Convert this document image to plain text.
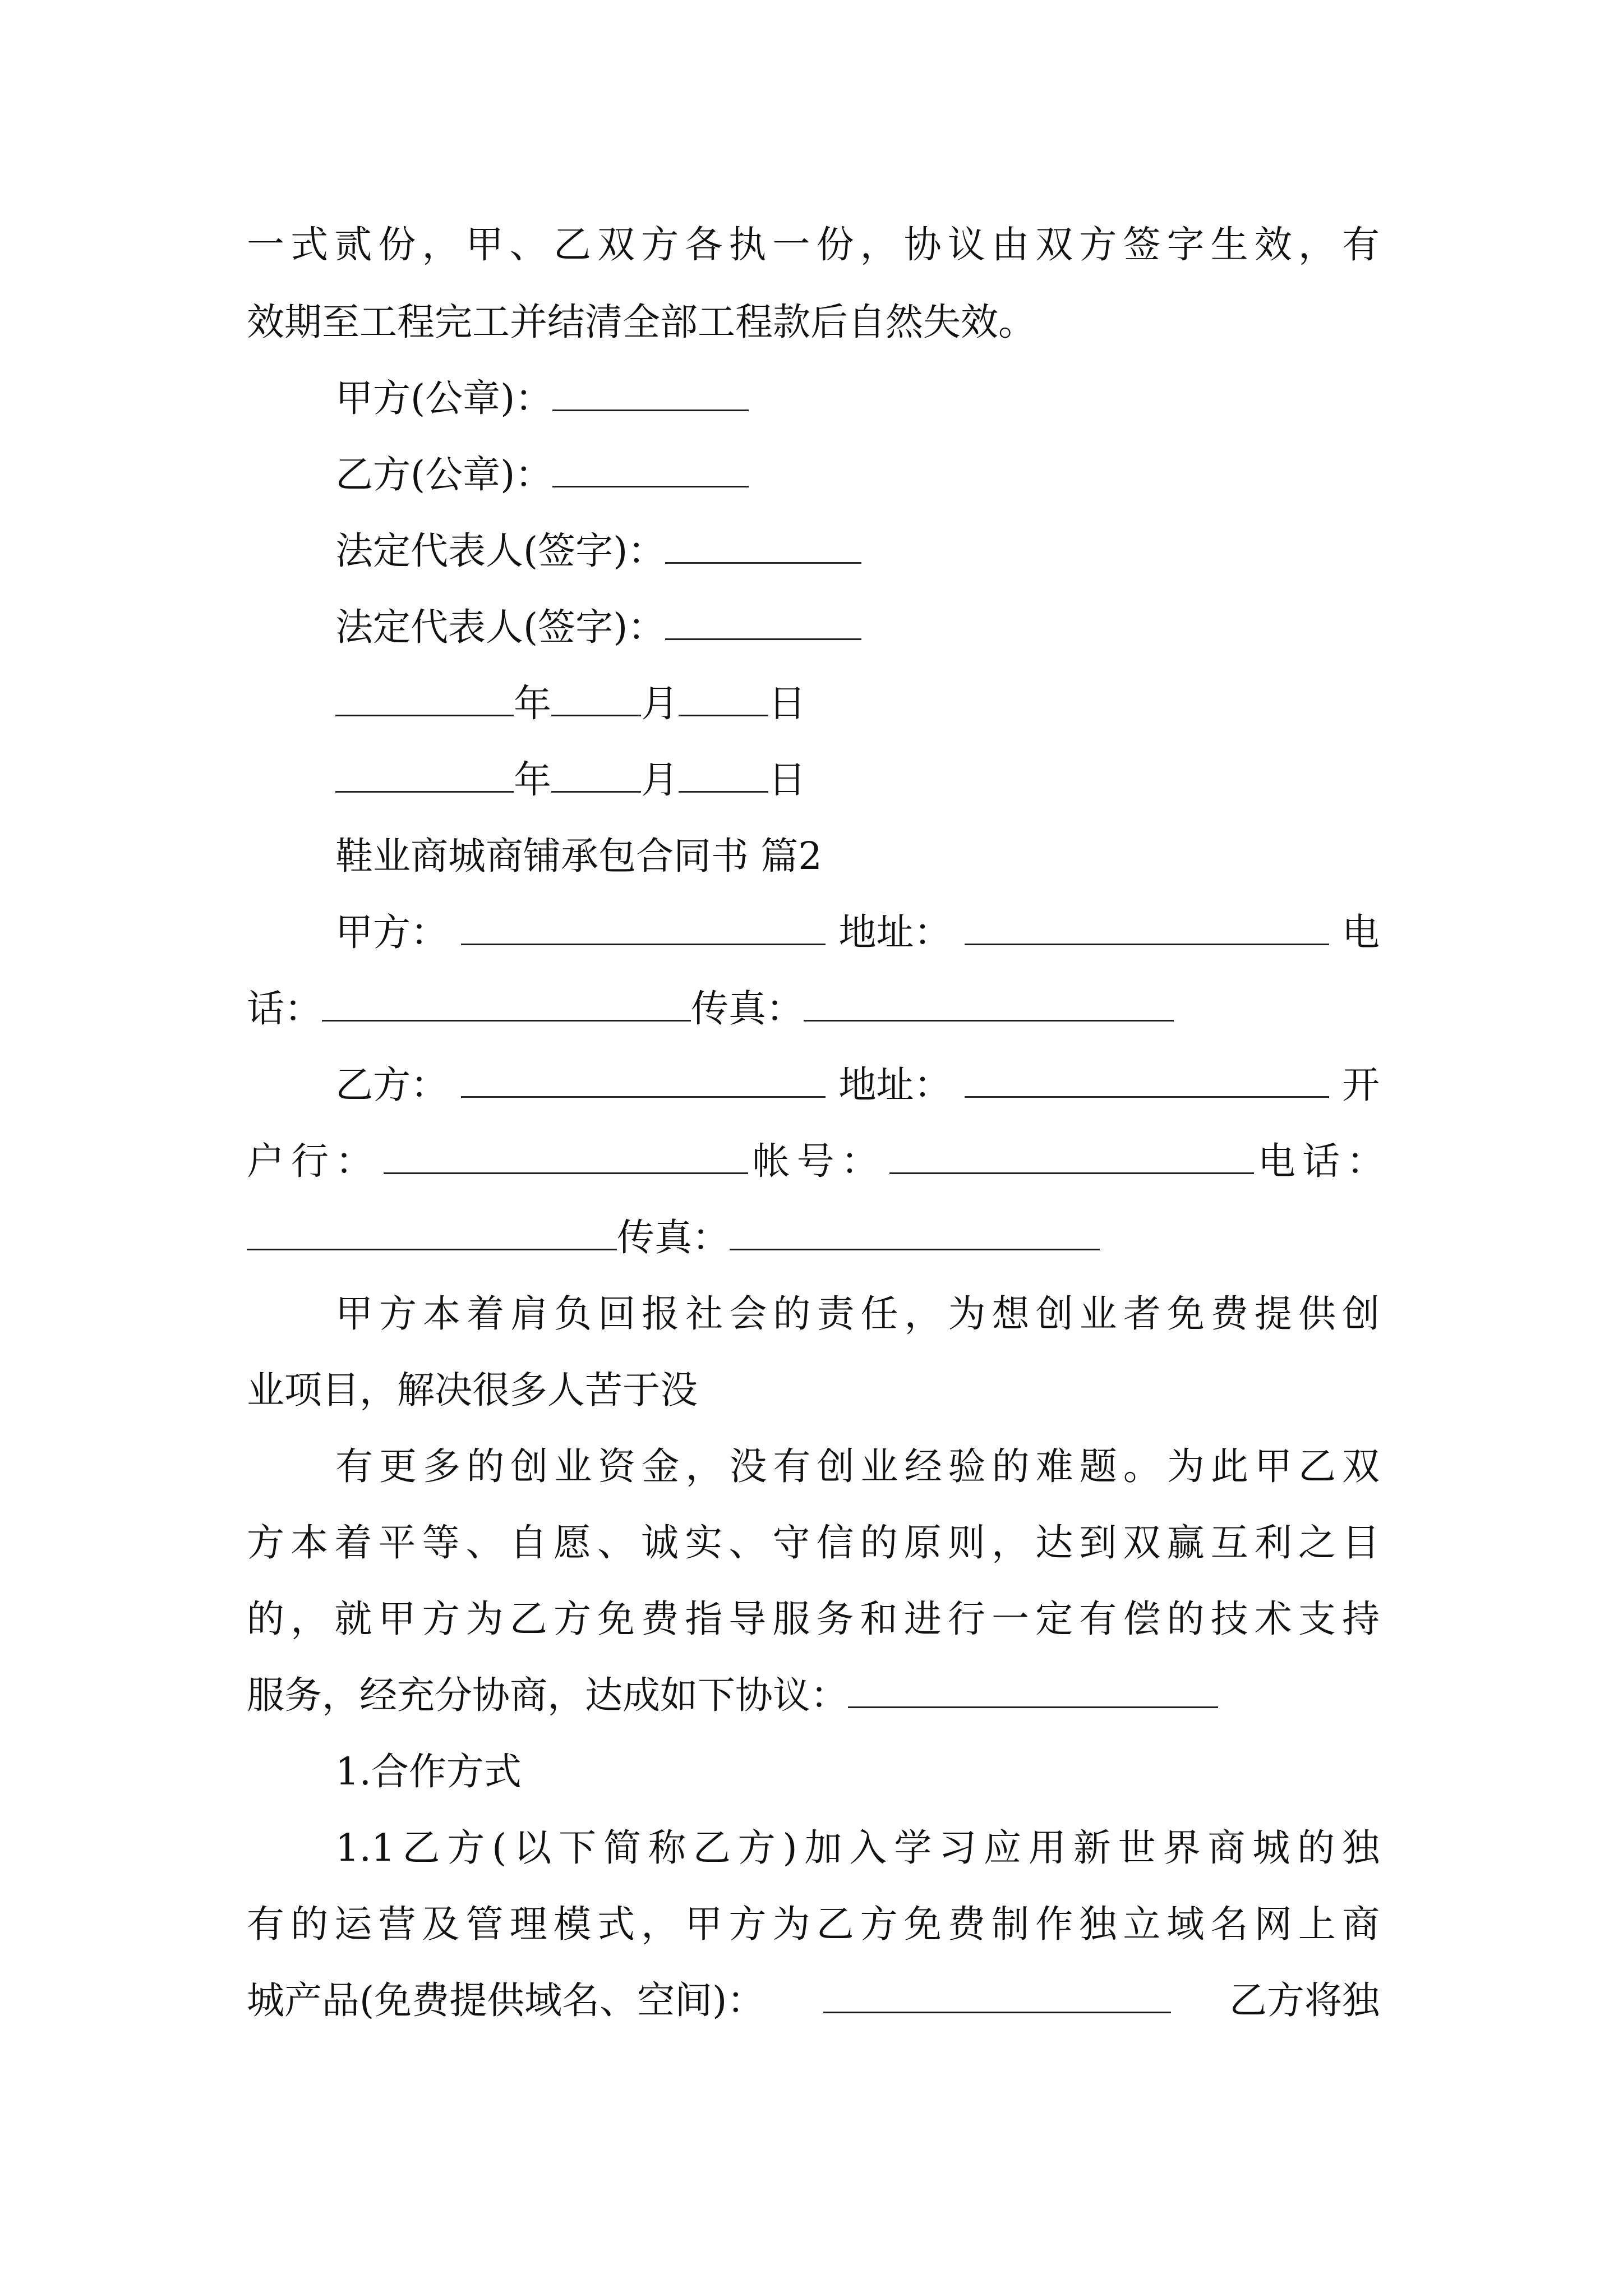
一式贰份，甲、乙双方各执一份，协议由双方签字生效，有
效期至工程完工并结清全部工程款后自然失效。
甲方(公章)：
乙方(公章)：
法定代表人(签字)：
法定代表人(签字)：
年 月 日
年 月 日
鞋业商城商铺承包合同书 篇2
甲方：	地址：	电
话：	传真：
乙方：	地址：	开
户行：	帐号：	电话：
传真：
甲方本着肩负回报社会的责任，为想创业者免费提供创
业项目，解决很多人苦于没
有更多的创业资金，没有创业经验的难题。为此甲乙双
方本着平等、自愿、诚实、守信的原则，达到双赢互利之目
的，就甲方为乙方免费指导服务和进行一定有偿的技术支持
服务，经充分协商，达成如下协议：
1.合作方式
1.1乙方(以下简称乙方)加入学习应用新世界商城的独
有的运营及管理模式，甲方为乙方免费制作独立域名网上商
城产品(免费提供域名、空间)：	乙方将独
